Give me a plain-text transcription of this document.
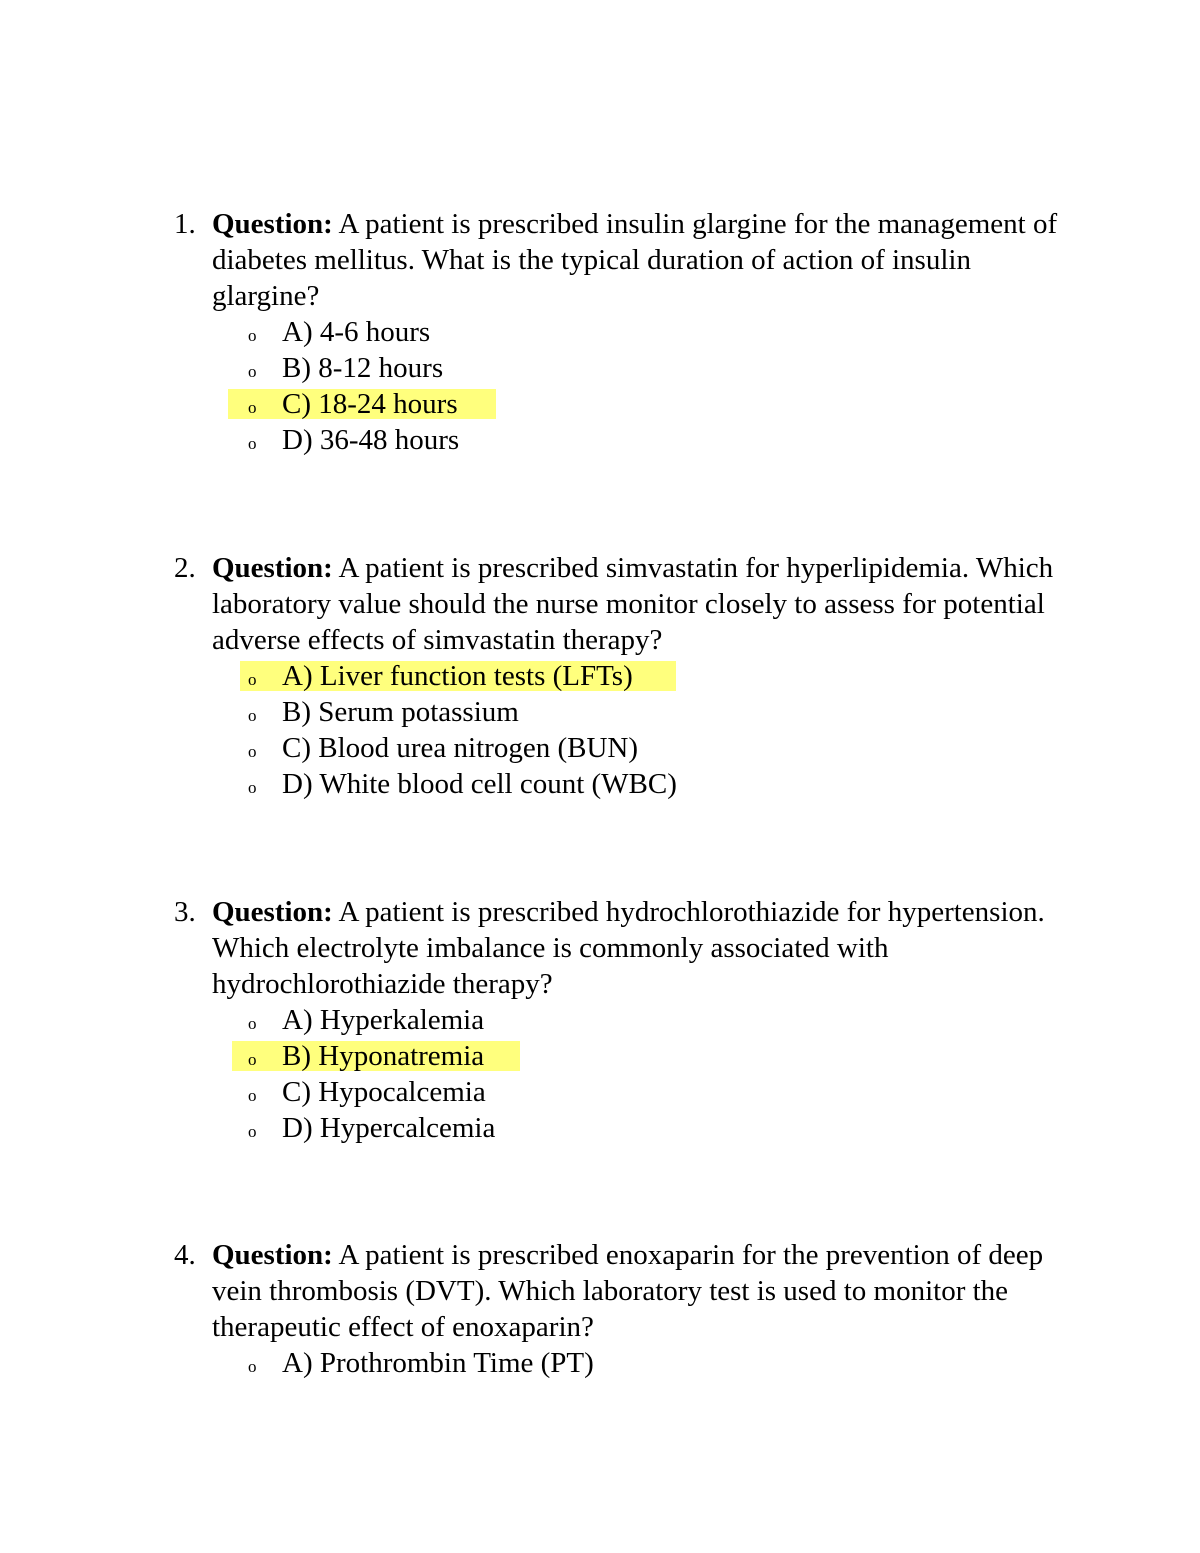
1. Question: A patient is prescribed insulin glargine for the management of diabetes mellitus. What is the typical duration of action of insulin glargine?
o A) 4-6 hours
o B) 8-12 hours
o C) 18-24 hours
o D) 36-48 hours
2. Question: A patient is prescribed simvastatin for hyperlipidemia. Which laboratory value should the nurse monitor closely to assess for potential adverse effects of simvastatin therapy?
o A) Liver function tests (LFTs)
o B) Serum potassium
o C) Blood urea nitrogen (BUN)
o D) White blood cell count (WBC)
3. Question: A patient is prescribed hydrochlorothiazide for hypertension. Which electrolyte imbalance is commonly associated with hydrochlorothiazide therapy?
o A) Hyperkalemia
o B) Hyponatremia
o C) Hypocalcemia
o D) Hypercalcemia
4. Question: A patient is prescribed enoxaparin for the prevention of deep vein thrombosis (DVT). Which laboratory test is used to monitor the therapeutic effect of enoxaparin?
o A) Prothrombin Time (PT)
